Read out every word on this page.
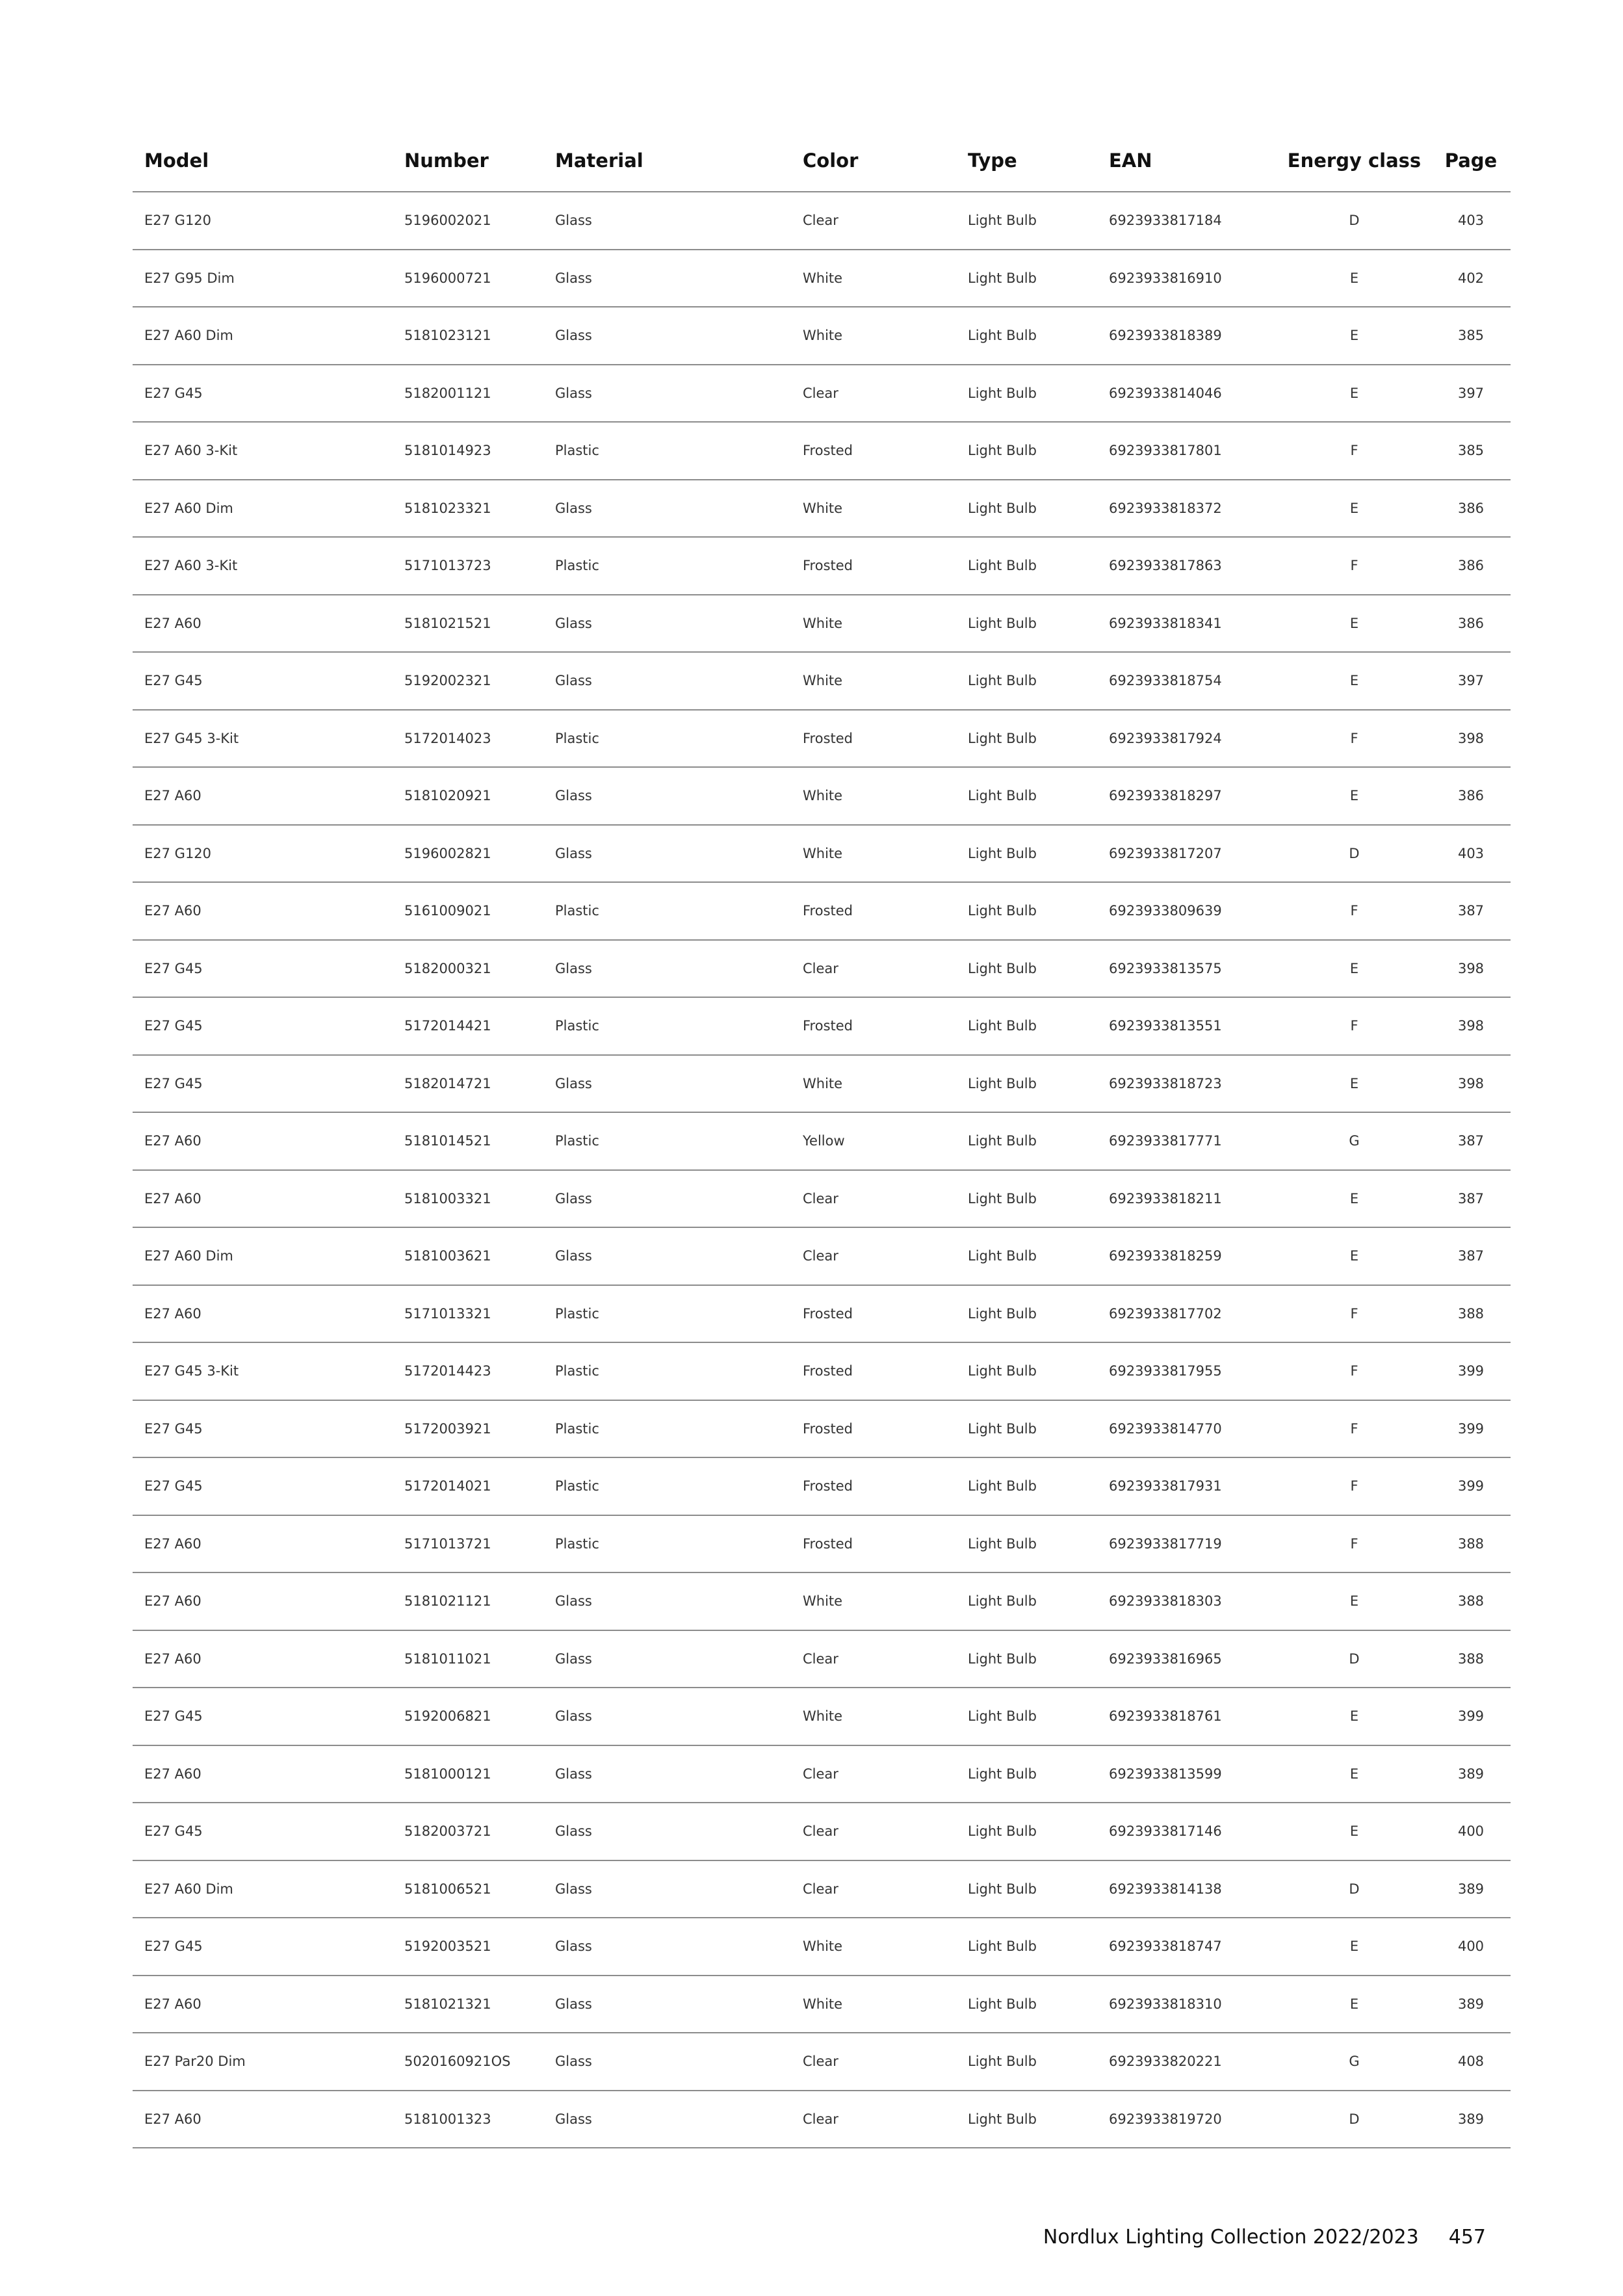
Model	Number	Material	Color	Type	EAN	Energy class	Page
E27 G120	5196002021	Glass	Clear	Light Bulb	6923933817184	D	403
E27 G95 Dim	5196000721	Glass	White	Light Bulb	6923933816910	E	402
E27 A60 Dim	5181023121	Glass	White	Light Bulb	6923933818389	E	385
E27 G45	5182001121	Glass	Clear	Light Bulb	6923933814046	E	397
E27 A60 3-Kit	5181014923	Plastic	Frosted	Light Bulb	6923933817801	F	385
E27 A60 Dim	5181023321	Glass	White	Light Bulb	6923933818372	E	386
E27 A60 3-Kit	5171013723	Plastic	Frosted	Light Bulb	6923933817863	F	386
E27 A60	5181021521	Glass	White	Light Bulb	6923933818341	E	386
E27 G45	5192002321	Glass	White	Light Bulb	6923933818754	E	397
E27 G45 3-Kit	5172014023	Plastic	Frosted	Light Bulb	6923933817924	F	398
E27 A60	5181020921	Glass	White	Light Bulb	6923933818297	E	386
E27 G120	5196002821	Glass	White	Light Bulb	6923933817207	D	403
E27 A60	5161009021	Plastic	Frosted	Light Bulb	6923933809639	F	387
E27 G45	5182000321	Glass	Clear	Light Bulb	6923933813575	E	398
E27 G45	5172014421	Plastic	Frosted	Light Bulb	6923933813551	F	398
E27 G45	5182014721	Glass	White	Light Bulb	6923933818723	E	398
E27 A60	5181014521	Plastic	Yellow	Light Bulb	6923933817771	G	387
E27 A60	5181003321	Glass	Clear	Light Bulb	6923933818211	E	387
E27 A60 Dim	5181003621	Glass	Clear	Light Bulb	6923933818259	E	387
E27 A60	5171013321	Plastic	Frosted	Light Bulb	6923933817702	F	388
E27 G45 3-Kit	5172014423	Plastic	Frosted	Light Bulb	6923933817955	F	399
E27 G45	5172003921	Plastic	Frosted	Light Bulb	6923933814770	F	399
E27 G45	5172014021	Plastic	Frosted	Light Bulb	6923933817931	F	399
E27 A60	5171013721	Plastic	Frosted	Light Bulb	6923933817719	F	388
E27 A60	5181021121	Glass	White	Light Bulb	6923933818303	E	388
E27 A60	5181011021	Glass	Clear	Light Bulb	6923933816965	D	388
E27 G45	5192006821	Glass	White	Light Bulb	6923933818761	E	399
E27 A60	5181000121	Glass	Clear	Light Bulb	6923933813599	E	389
E27 G45	5182003721	Glass	Clear	Light Bulb	6923933817146	E	400
E27 A60 Dim	5181006521	Glass	Clear	Light Bulb	6923933814138	D	389
E27 G45	5192003521	Glass	White	Light Bulb	6923933818747	E	400
E27 A60	5181021321	Glass	White	Light Bulb	6923933818310	E	389
E27 Par20 Dim	5020160921OS	Glass	Clear	Light Bulb	6923933820221	G	408
E27 A60	5181001323	Glass	Clear	Light Bulb	6923933819720	D	389
Nordlux Lighting Collection 2022/2023 457
